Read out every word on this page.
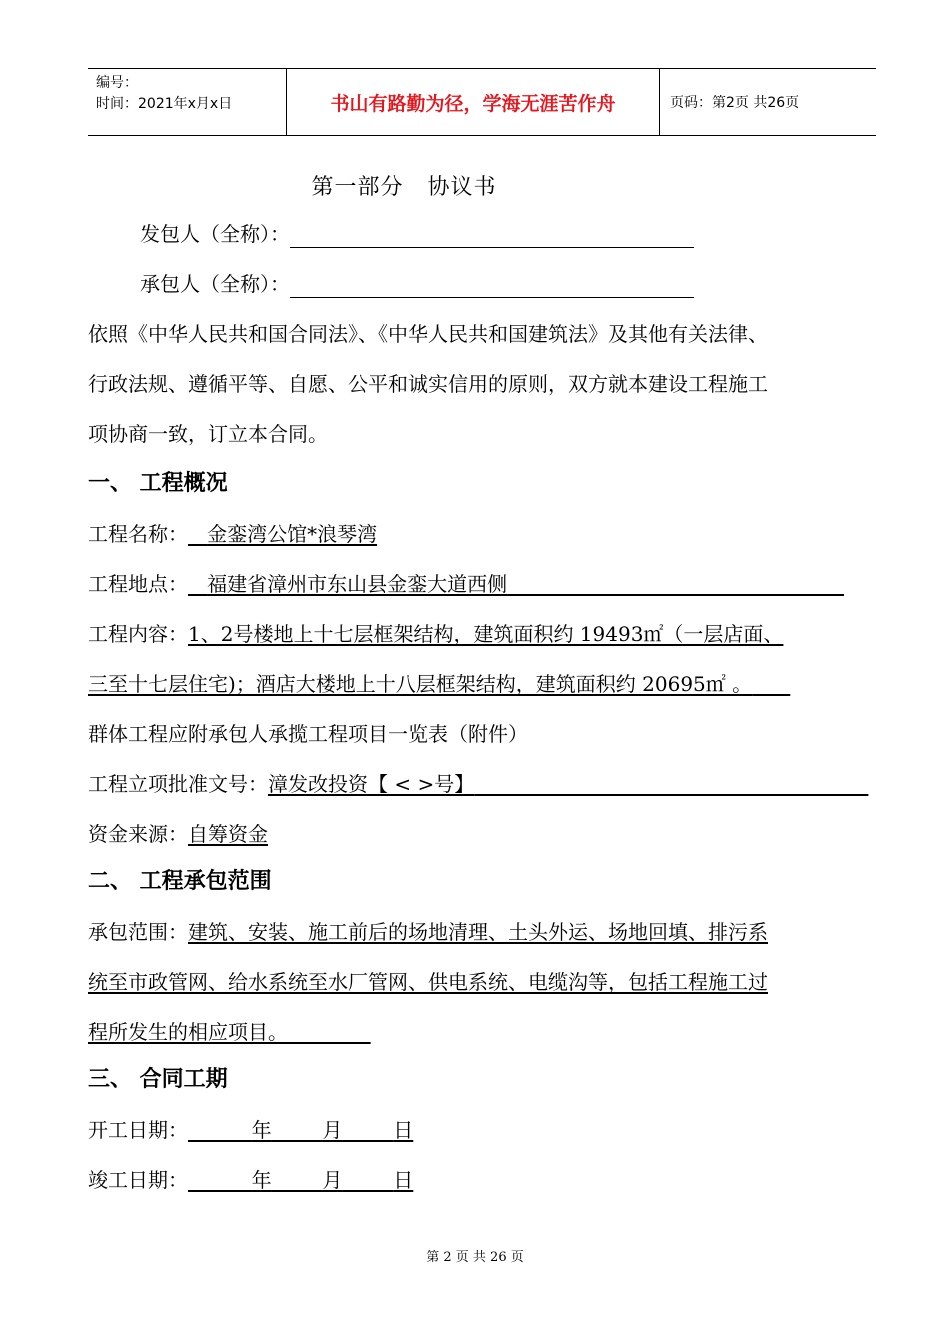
编号：
时间：2021年x月x日	书山有路勤为径，学海无涯苦作舟	页码：第2页 共26页
第一部分 协议书
发包人（全称）：
承包人（全称）：
依照《中华人民共和国合同法》、《中华人民共和国建筑法》及其他有关法律、
行政法规、遵循平等、自愿、公平和诚实信用的原则，双方就本建设工程施工
项协商一致，订立本合同。
一、 工程概况
工程名称： 金銮湾公馆*浪琴湾
工程地点： 福建省漳州市东山县金銮大道西侧
工程内容：1、2号楼地上十七层框架结构，建筑面积约 19493㎡（一层店面、
三至十七层住宅)；酒店大楼地上十八层框架结构，建筑面积约 20695㎡ 。
群体工程应附承包人承揽工程项目一览表（附件）
工程立项批准文号：漳发改投资【 < >号】
资金来源：自筹资金
二、 工程承包范围
承包范围：建筑、安装、施工前后的场地清理、土头外运、场地回填、排污系
统至市政管网、给水系统至水厂管网、供电系统、电缆沟等，包括工程施工过
程所发生的相应项目。
三、 合同工期
开工日期：	年	月	日
竣工日期：	年	月	日
第 2 页 共 26 页
